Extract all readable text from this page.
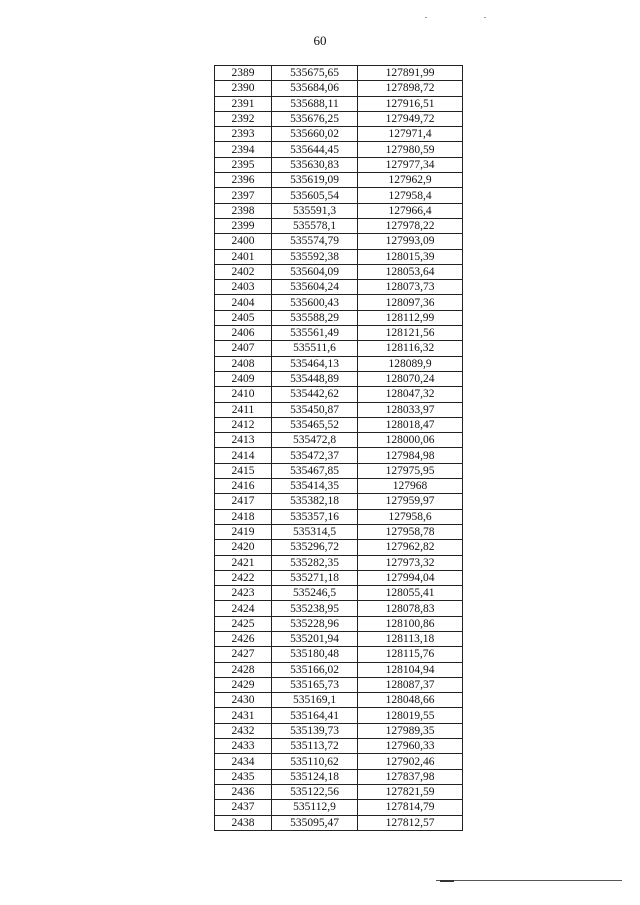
60
2389	535675,65	127891,99
2390	535684,06	127898,72
2391	535688,11	127916,51
2392	535676,25	127949,72
2393	535660,02	127971,4
2394	535644,45	127980,59
2395	535630,83	127977,34
2396	535619,09	127962,9
2397	535605,54	127958,4
2398	535591,3	127966,4
2399	535578,1	127978,22
2400	535574,79	127993,09
2401	535592,38	128015,39
2402	535604,09	128053,64
2403	535604,24	128073,73
2404	535600,43	128097,36
2405	535588,29	128112,99
2406	535561,49	128121,56
2407	535511,6	128116,32
2408	535464,13	128089,9
2409	535448,89	128070,24
2410	535442,62	128047,32
2411	535450,87	128033,97
2412	535465,52	128018,47
2413	535472,8	128000,06
2414	535472,37	127984,98
2415	535467,85	127975,95
2416	535414,35	127968
2417	535382,18	127959,97
2418	535357,16	127958,6
2419	535314,5	127958,78
2420	535296,72	127962,82
2421	535282,35	127973,32
2422	535271,18	127994,04
2423	535246,5	128055,41
2424	535238,95	128078,83
2425	535228,96	128100,86
2426	535201,94	128113,18
2427	535180,48	128115,76
2428	535166,02	128104,94
2429	535165,73	128087,37
2430	535169,1	128048,66
2431	535164,41	128019,55
2432	535139,73	127989,35
2433	535113,72	127960,33
2434	535110,62	127902,46
2435	535124,18	127837,98
2436	535122,56	127821,59
2437	535112,9	127814,79
2438	535095,47	127812,57
